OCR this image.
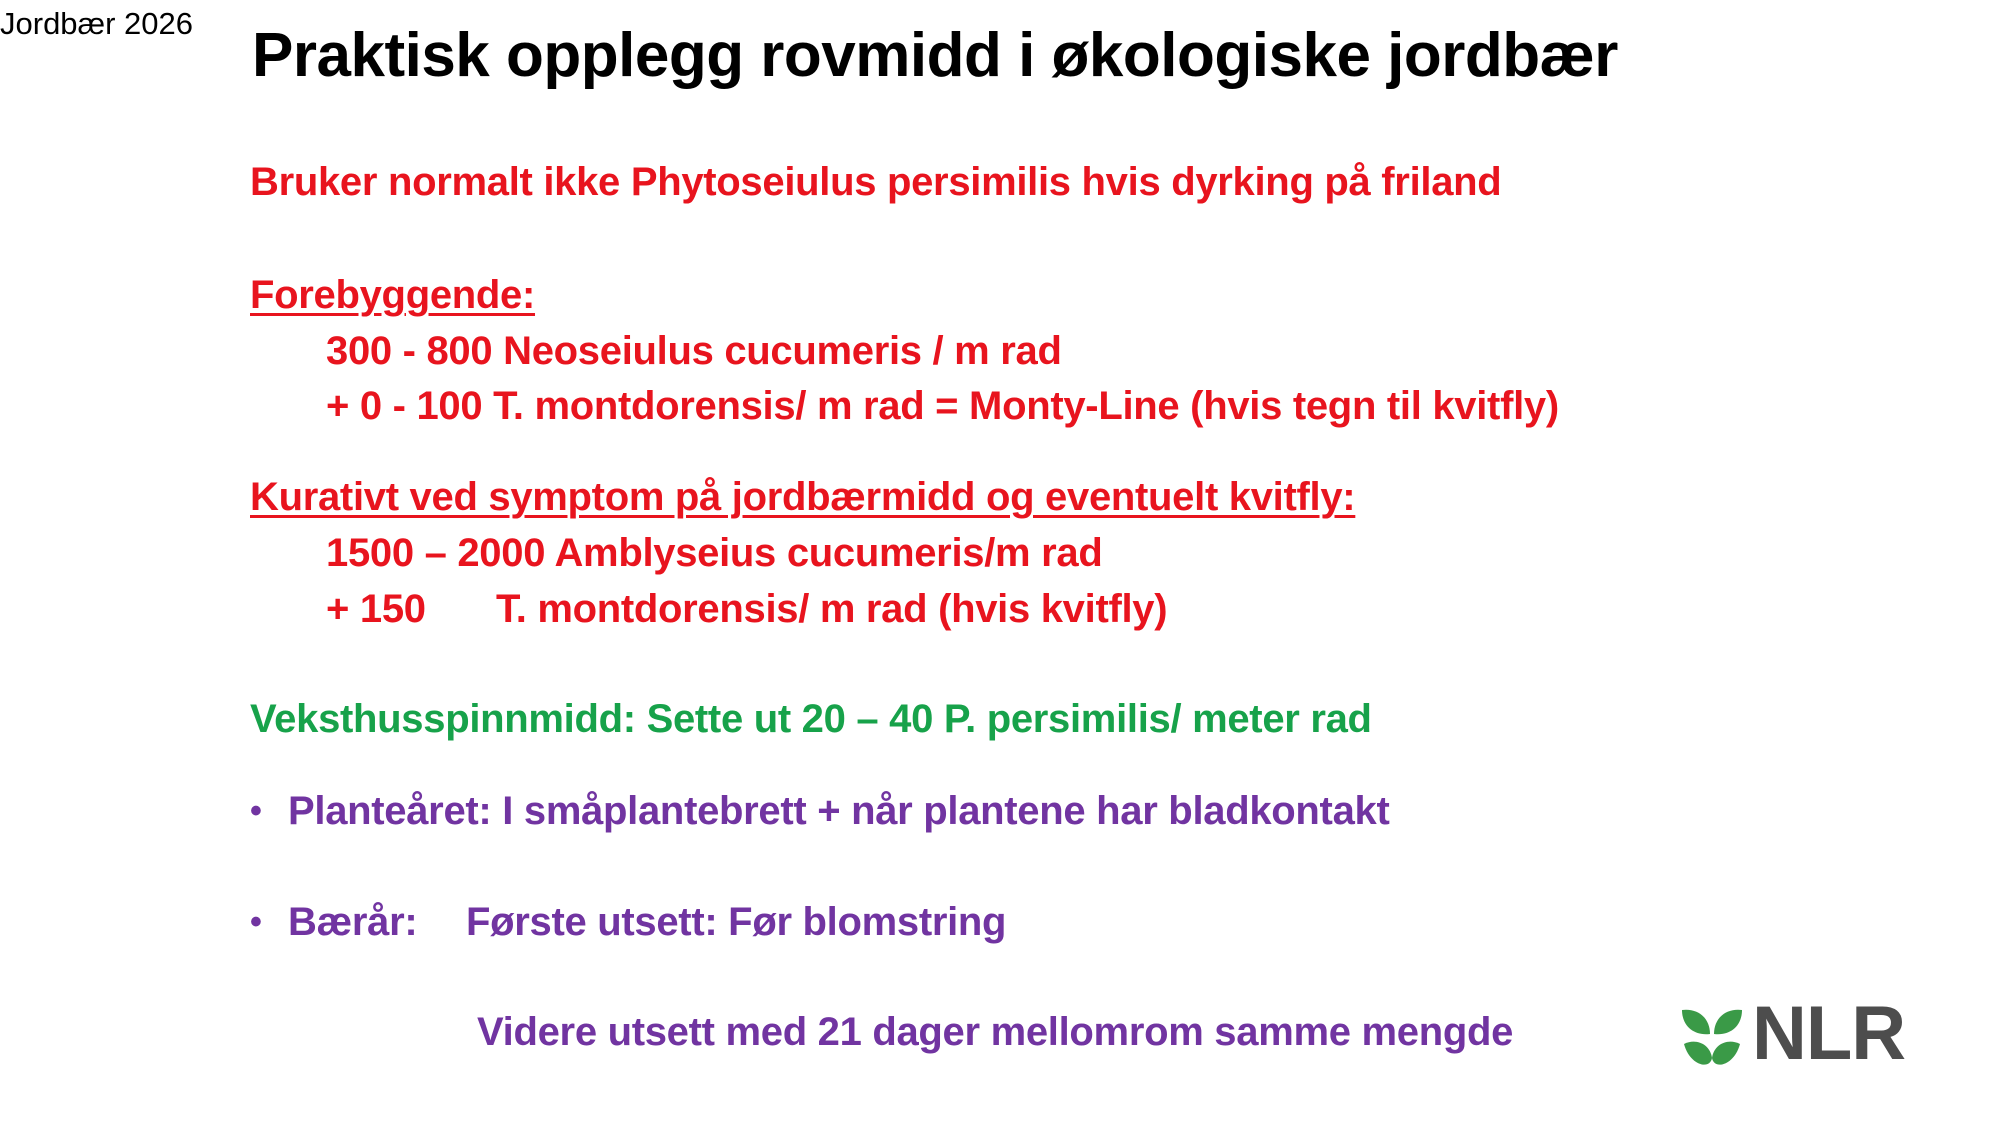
Jordbær 2026 Praktisk opplegg rovmidd i økologiske jordbær
Bruker normalt ikke Phytoseiulus persimilis hvis dyrking på friland
Forebyggende:
300 - 800 Neoseiulus cucumeris / m rad
+ 0 - 100 T. montdorensis/ m rad = Monty-Line (hvis tegn til kvitfly)
Kurativt ved symptom på jordbærmidd og eventuelt kvitfly:
1500 – 2000 Amblyseius cucumeris/m rad
+ 150 T. montdorensis/ m rad (hvis kvitfly)
Veksthusspinnmidd: Sette ut 20 – 40 P. persimilis/ meter rad
• Planteåret: I småplantebrett + når plantene har bladkontakt
• Bærår: Første utsett: Før blomstring
Videre utsett med 21 dager mellomrom samme mengde	NLR
